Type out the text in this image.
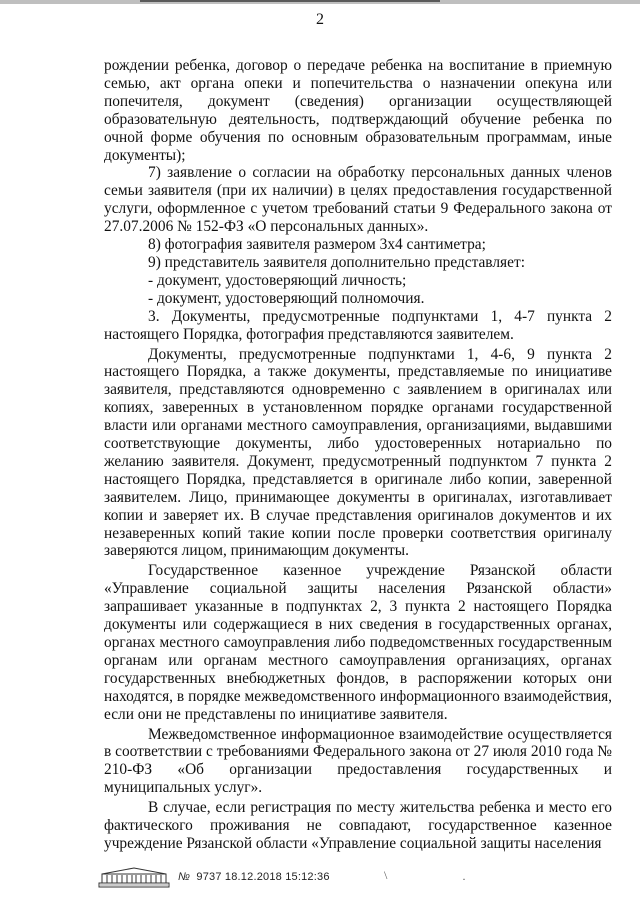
2

рождении ребенка, договор о передаче ребенка на воспитание в приемную семью, акт органа опеки и попечительства о назначении опекуна или попечителя, документ (сведения) организации осуществляющей образовательную деятельность, подтверждающий обучение ребенка по очной форме обучения по основным образовательным программам, иные документы);

7) заявление о согласии на обработку персональных данных членов семьи заявителя (при их наличии) в целях предоставления государственной услуги, оформленное с учетом требований статьи 9 Федерального закона от 27.07.2006 № 152-ФЗ «О персональных данных».

8) фотография заявителя размером 3х4 сантиметра;

9) представитель заявителя дополнительно представляет:

- документ, удостоверяющий личность;

- документ, удостоверяющий полномочия.

3. Документы, предусмотренные подпунктами 1, 4-7 пункта 2 настоящего Порядка, фотография представляются заявителем.

Документы, предусмотренные подпунктами 1, 4-6, 9 пункта 2 настоящего Порядка, а также документы, представляемые по инициативе заявителя, представляются одновременно с заявлением в оригиналах или копиях, заверенных в установленном порядке органами государственной власти или органами местного самоуправления, организациями, выдавшими соответствующие документы, либо удостоверенных нотариально по желанию заявителя. Документ, предусмотренный подпунктом 7 пункта 2 настоящего Порядка, представляется в оригинале либо копии, заверенной заявителем. Лицо, принимающее документы в оригиналах, изготавливает копии и заверяет их. В случае представления оригиналов документов и их незаверенных копий такие копии после проверки соответствия оригиналу заверяются лицом, принимающим документы.

Государственное казенное учреждение Рязанской области «Управление социальной защиты населения Рязанской области» запрашивает указанные в подпунктах 2, 3 пункта 2 настоящего Порядка документы или содержащиеся в них сведения в государственных органах, органах местного самоуправления либо подведомственных государственным органам или органам местного самоуправления организациях, органах государственных внебюджетных фондов, в распоряжении которых они находятся, в порядке межведомственного информационного взаимодействия, если они не представлены по инициативе заявителя.

Межведомственное информационное взаимодействие осуществляется в соответствии с требованиями Федерального закона от 27 июля 2010 года № 210-ФЗ «Об организации предоставления государственных и муниципальных услуг».

В случае, если регистрация по месту жительства ребенка и место его фактического проживания не совпадают, государственное казенное учреждение Рязанской области «Управление социальной защиты населения

№ 9737 18.12.2018 15:12:36	\	·
